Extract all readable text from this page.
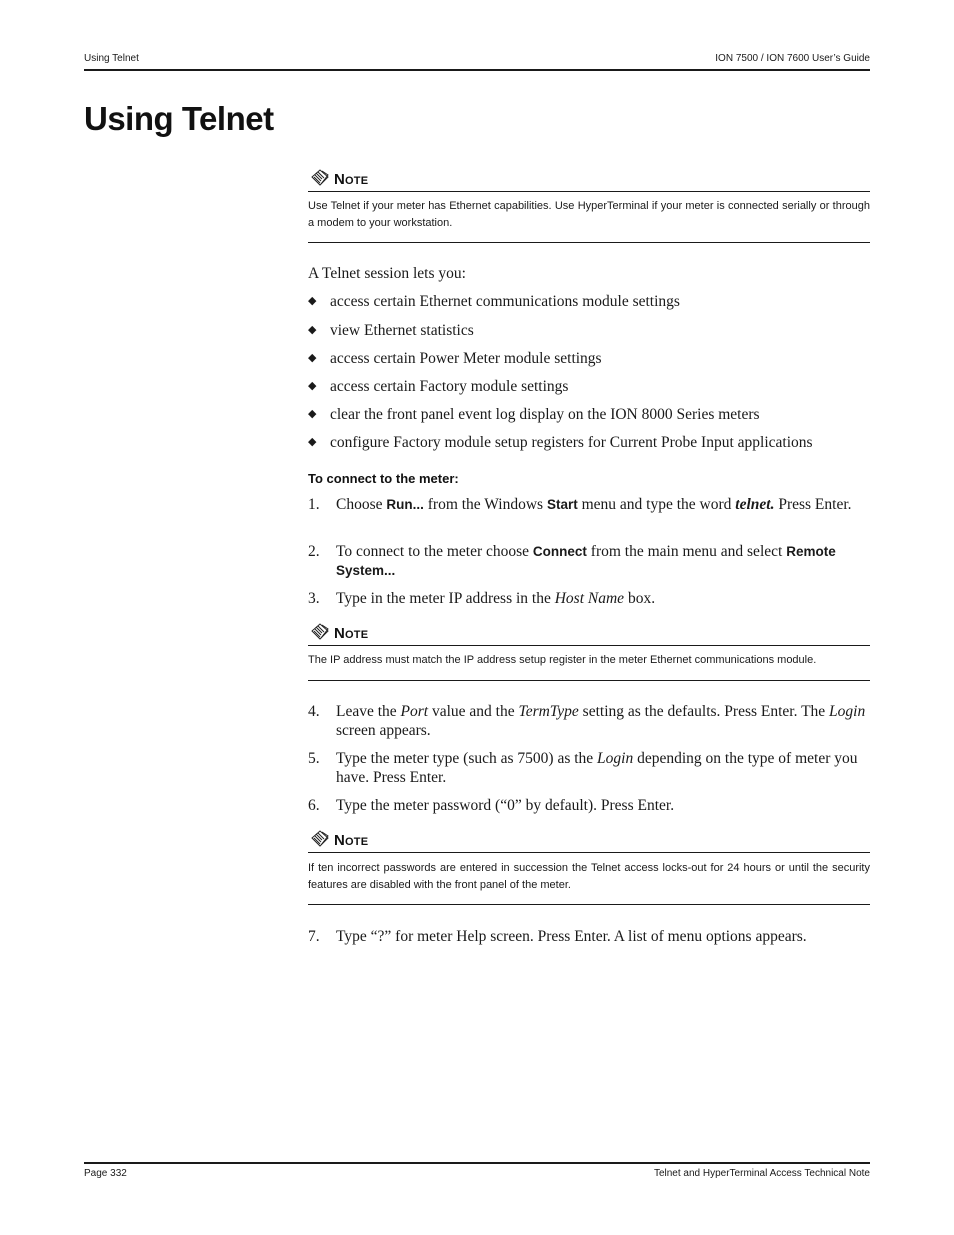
Using Telnet	ION 7500 / ION 7600 User’s Guide
Using Telnet
NOTE
Use Telnet if your meter has Ethernet capabilities. Use HyperTerminal if your meter is connected serially or through a modem to your workstation.
A Telnet session lets you:
◆ access certain Ethernet communications module settings
◆ view Ethernet statistics
◆ access certain Power Meter module settings
◆ access certain Factory module settings
◆ clear the front panel event log display on the ION 8000 Series meters
◆ configure Factory module setup registers for Current Probe Input applications
To connect to the meter:
1. Choose Run... from the Windows Start menu and type the word telnet. Press Enter.
2. To connect to the meter choose Connect from the main menu and select Remote System...
3. Type in the meter IP address in the Host Name box.
NOTE
The IP address must match the IP address setup register in the meter Ethernet communications module.
4. Leave the Port value and the TermType setting as the defaults. Press Enter. The Login screen appears.
5. Type the meter type (such as 7500) as the Login depending on the type of meter you have. Press Enter.
6. Type the meter password (“0” by default). Press Enter.
NOTE
If ten incorrect passwords are entered in succession the Telnet access locks-out for 24 hours or until the security features are disabled with the front panel of the meter.
7. Type “?” for meter Help screen. Press Enter. A list of menu options appears.
Page 332	Telnet and HyperTerminal Access Technical Note
